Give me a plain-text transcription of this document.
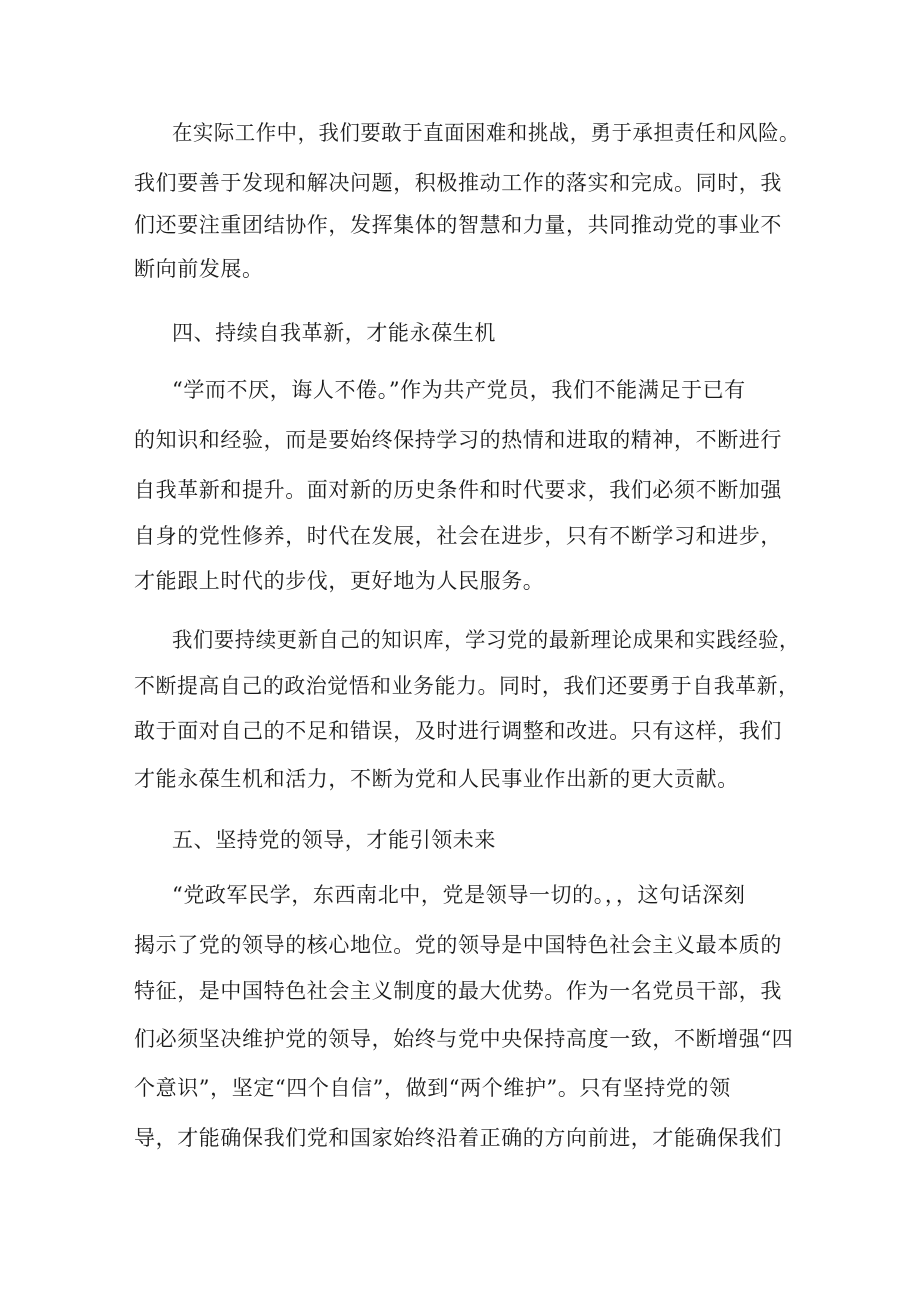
在实际工作中，我们要敢于直面困难和挑战，勇于承担责任和风险。
我们要善于发现和解决问题，积极推动工作的落实和完成。同时，我
们还要注重团结协作，发挥集体的智慧和力量，共同推动党的事业不
断向前发展。
四、持续自我革新，才能永葆生机
“学而不厌，诲人不倦。”作为共产党员，我们不能满足于已有
的知识和经验，而是要始终保持学习的热情和进取的精神，不断进行
自我革新和提升。面对新的历史条件和时代要求，我们必须不断加强
自身的党性修养，时代在发展，社会在进步，只有不断学习和进步，
才能跟上时代的步伐，更好地为人民服务。
我们要持续更新自己的知识库，学习党的最新理论成果和实践经验，
不断提高自己的政治觉悟和业务能力。同时，我们还要勇于自我革新，
敢于面对自己的不足和错误，及时进行调整和改进。只有这样，我们
才能永葆生机和活力，不断为党和人民事业作出新的更大贡献。
五、坚持党的领导，才能引领未来
“党政军民学，东西南北中，党是领导一切的。，，这句话深刻
揭示了党的领导的核心地位。党的领导是中国特色社会主义最本质的
特征，是中国特色社会主义制度的最大优势。作为一名党员干部，我
们必须坚决维护党的领导，始终与党中央保持高度一致，不断增强“四
个意识”，坚定“四个自信”，做到“两个维护”。只有坚持党的领
导，才能确保我们党和国家始终沿着正确的方向前进，才能确保我们
